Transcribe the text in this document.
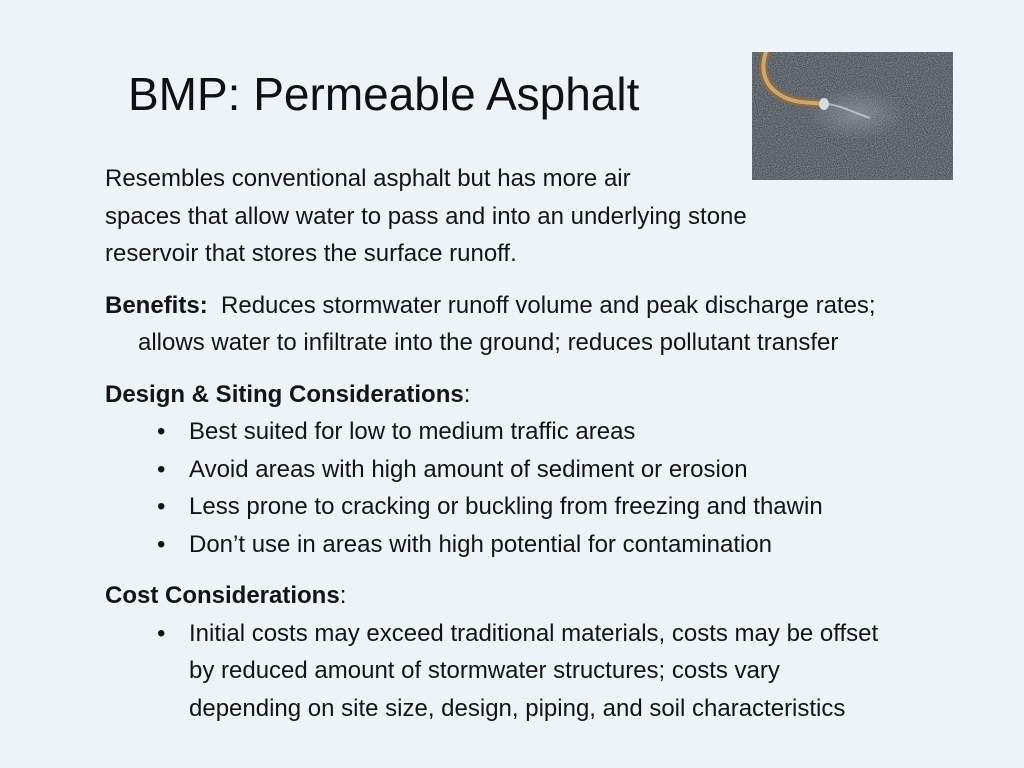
BMP: Permeable Asphalt

Resembles conventional asphalt but has more air

spaces that allow water to pass and into an underlying stone

reservoir that stores the surface runoff.

Benefits: Reduces stormwater runoff volume and peak discharge rates;

allows water to infiltrate into the ground; reduces pollutant transfer

Design & Siting Considerations:

• Best suited for low to medium traffic areas
• Avoid areas with high amount of sediment or erosion
• Less prone to cracking or buckling from freezing and thawin
• Don’t use in areas with high potential for contamination

Cost Considerations:

• Initial costs may exceed traditional materials, costs may be offset
by reduced amount of stormwater structures; costs vary
depending on site size, design, piping, and soil characteristics
